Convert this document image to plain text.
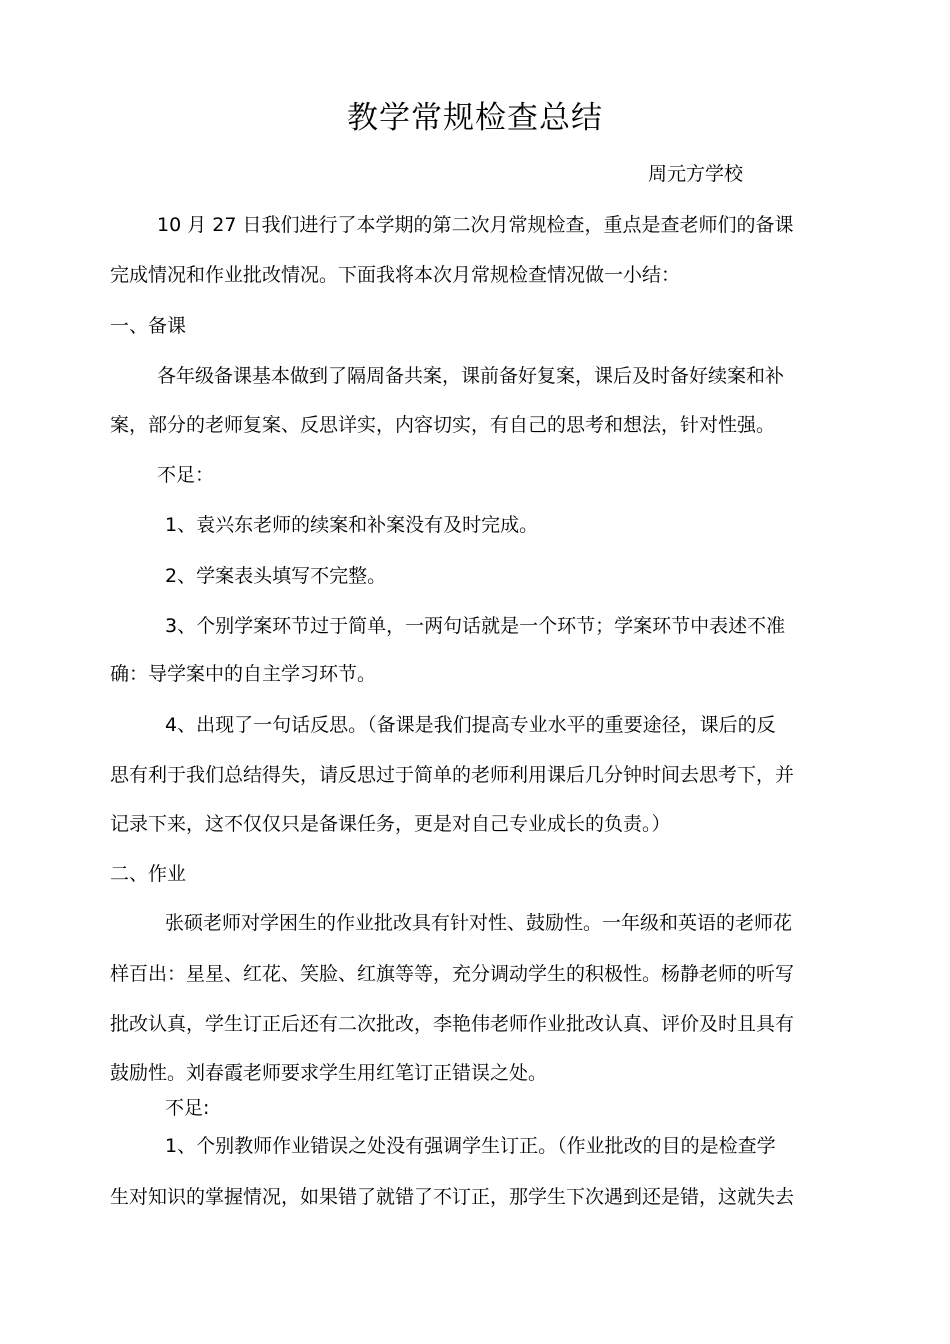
教学常规检查总结
周元方学校
10 月 27 日我们进行了本学期的第二次月常规检查，重点是查老师们的备课
完成情况和作业批改情况。下面我将本次月常规检查情况做一小结：
一、备课
各年级备课基本做到了隔周备共案，课前备好复案，课后及时备好续案和补
案，部分的老师复案、反思详实，内容切实，有自己的思考和想法，针对性强。
不足：
1、袁兴东老师的续案和补案没有及时完成。
2、学案表头填写不完整。
3、个别学案环节过于简单，一两句话就是一个环节；学案环节中表述不准
确：导学案中的自主学习环节。
4、出现了一句话反思。（备课是我们提高专业水平的重要途径，课后的反
思有利于我们总结得失，请反思过于简单的老师利用课后几分钟时间去思考下，并
记录下来，这不仅仅只是备课任务，更是对自己专业成长的负责。）
二、作业
张硕老师对学困生的作业批改具有针对性、鼓励性。一年级和英语的老师花
样百出：星星、红花、笑脸、红旗等等，充分调动学生的积极性。杨静老师的听写
批改认真，学生订正后还有二次批改，李艳伟老师作业批改认真、评价及时且具有
鼓励性。刘春霞老师要求学生用红笔订正错误之处。
不足:
1、个别教师作业错误之处没有强调学生订正。（作业批改的目的是检查学
生对知识的掌握情况，如果错了就错了不订正，那学生下次遇到还是错，这就失去
